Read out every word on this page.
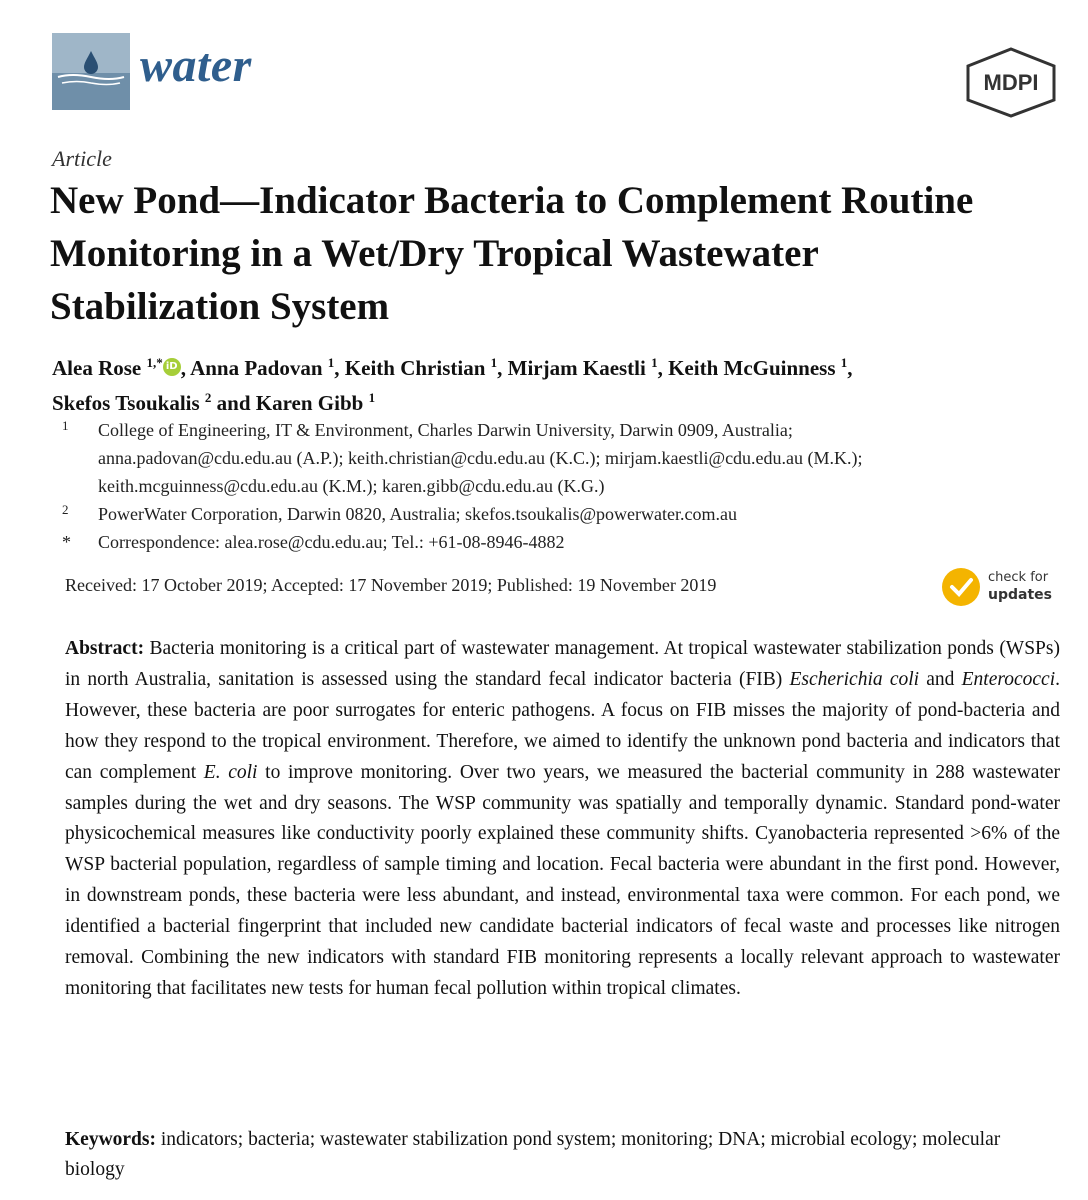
water	MDPI
Article
New Pond—Indicator Bacteria to Complement Routine Monitoring in a Wet/Dry Tropical Wastewater Stabilization System
Alea Rose $^{1,*}$ iD , Anna Padovan $^1$, Keith Christian $^1$, Mirjam Kaestli $^1$, Keith McGuinness $^1$,
Skefos Tsoukalis $^2$ and Karen Gibb $^1$
1	College of Engineering, IT & Environment, Charles Darwin University, Darwin 0909, Australia;
anna.padovan@cdu.edu.au (A.P.); keith.christian@cdu.edu.au (K.C.); mirjam.kaestli@cdu.edu.au (M.K.);
keith.mcguinness@cdu.edu.au (K.M.); karen.gibb@cdu.edu.au (K.G.)
2	PowerWater Corporation, Darwin 0820, Australia; skefos.tsoukalis@powerwater.com.au
*	Correspondence: alea.rose@cdu.edu.au; Tel.: +61-08-8946-4882
Received: 17 October 2019; Accepted: 17 November 2019; Published: 19 November 2019	check for
updates
Abstract: Bacteria monitoring is a critical part of wastewater management. At tropical wastewater stabilization ponds (WSPs) in north Australia, sanitation is assessed using the standard fecal indicator bacteria (FIB) Escherichia coli and Enterococci. However, these bacteria are poor surrogates for enteric pathogens. A focus on FIB misses the majority of pond-bacteria and how they respond to the tropical environment. Therefore, we aimed to identify the unknown pond bacteria and indicators that can complement E. coli to improve monitoring. Over two years, we measured the bacterial community in 288 wastewater samples during the wet and dry seasons. The WSP community was spatially and temporally dynamic. Standard pond-water physicochemical measures like conductivity poorly explained these community shifts. Cyanobacteria represented >6% of the WSP bacterial population, regardless of sample timing and location. Fecal bacteria were abundant in the first pond. However, in downstream ponds, these bacteria were less abundant, and instead, environmental taxa were common. For each pond, we identified a bacterial fingerprint that included new candidate bacterial indicators of fecal waste and processes like nitrogen removal. Combining the new indicators with standard FIB monitoring represents a locally relevant approach to wastewater monitoring that facilitates new tests for human fecal pollution within tropical climates.
Keywords: indicators; bacteria; wastewater stabilization pond system; monitoring; DNA; microbial ecology; molecular biology
